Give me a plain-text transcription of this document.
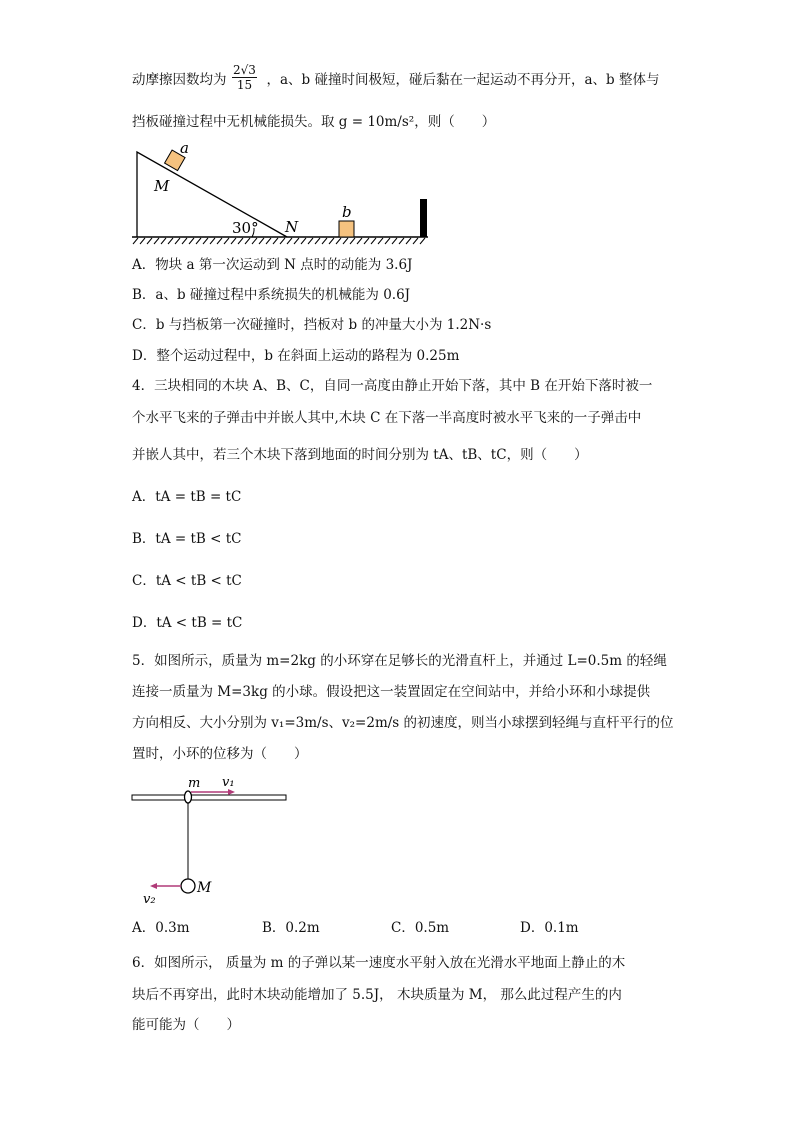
动摩擦因数均为	，a、b 碰撞时间极短，碰后黏在一起运动不再分开，a、b 整体与
$\frac{2√3}{15}$
挡板碰撞过程中无机械能损失。取 g = 10m/s²，则（　　）
a
M
30° N
b
m v₁
M
v₂
A．物块 a 第一次运动到 N 点时的动能为 3.6J
B．a、b 碰撞过程中系统损失的机械能为 0.6J
C．b 与挡板第一次碰撞时，挡板对 b 的冲量大小为 1.2N·s
D．整个运动过程中，b 在斜面上运动的路程为 0.25m
4．三块相同的木块 A、B、C，自同一高度由静止开始下落，其中 B 在开始下落时被一
个水平飞来的子弹击中并嵌人其中,木块 C 在下落一半高度时被水平飞来的一子弹击中
并嵌人其中，若三个木块下落到地面的时间分别为 tA、tB、tC，则（　　）
A．tA = tB = tC
B．tA = tB < tC
C．tA < tB < tC
D．tA < tB = tC
5．如图所示，质量为 m=2kg 的小环穿在足够长的光滑直杆上，并通过 L=0.5m 的轻绳
连接一质量为 M=3kg 的小球。假设把这一装置固定在空间站中，并给小环和小球提供
方向相反、大小分别为 v₁=3m/s、v₂=2m/s 的初速度，则当小球摆到轻绳与直杆平行的位
置时，小环的位移为（　　）
A．0.3m	B．0.2m	C．0.5m	D．0.1m
6．如图所示， 质量为 m 的子弹以某一速度水平射入放在光滑水平地面上静止的木
块后不再穿出，此时木块动能增加了 5.5J， 木块质量为 M， 那么此过程产生的内
能可能为（　　）
